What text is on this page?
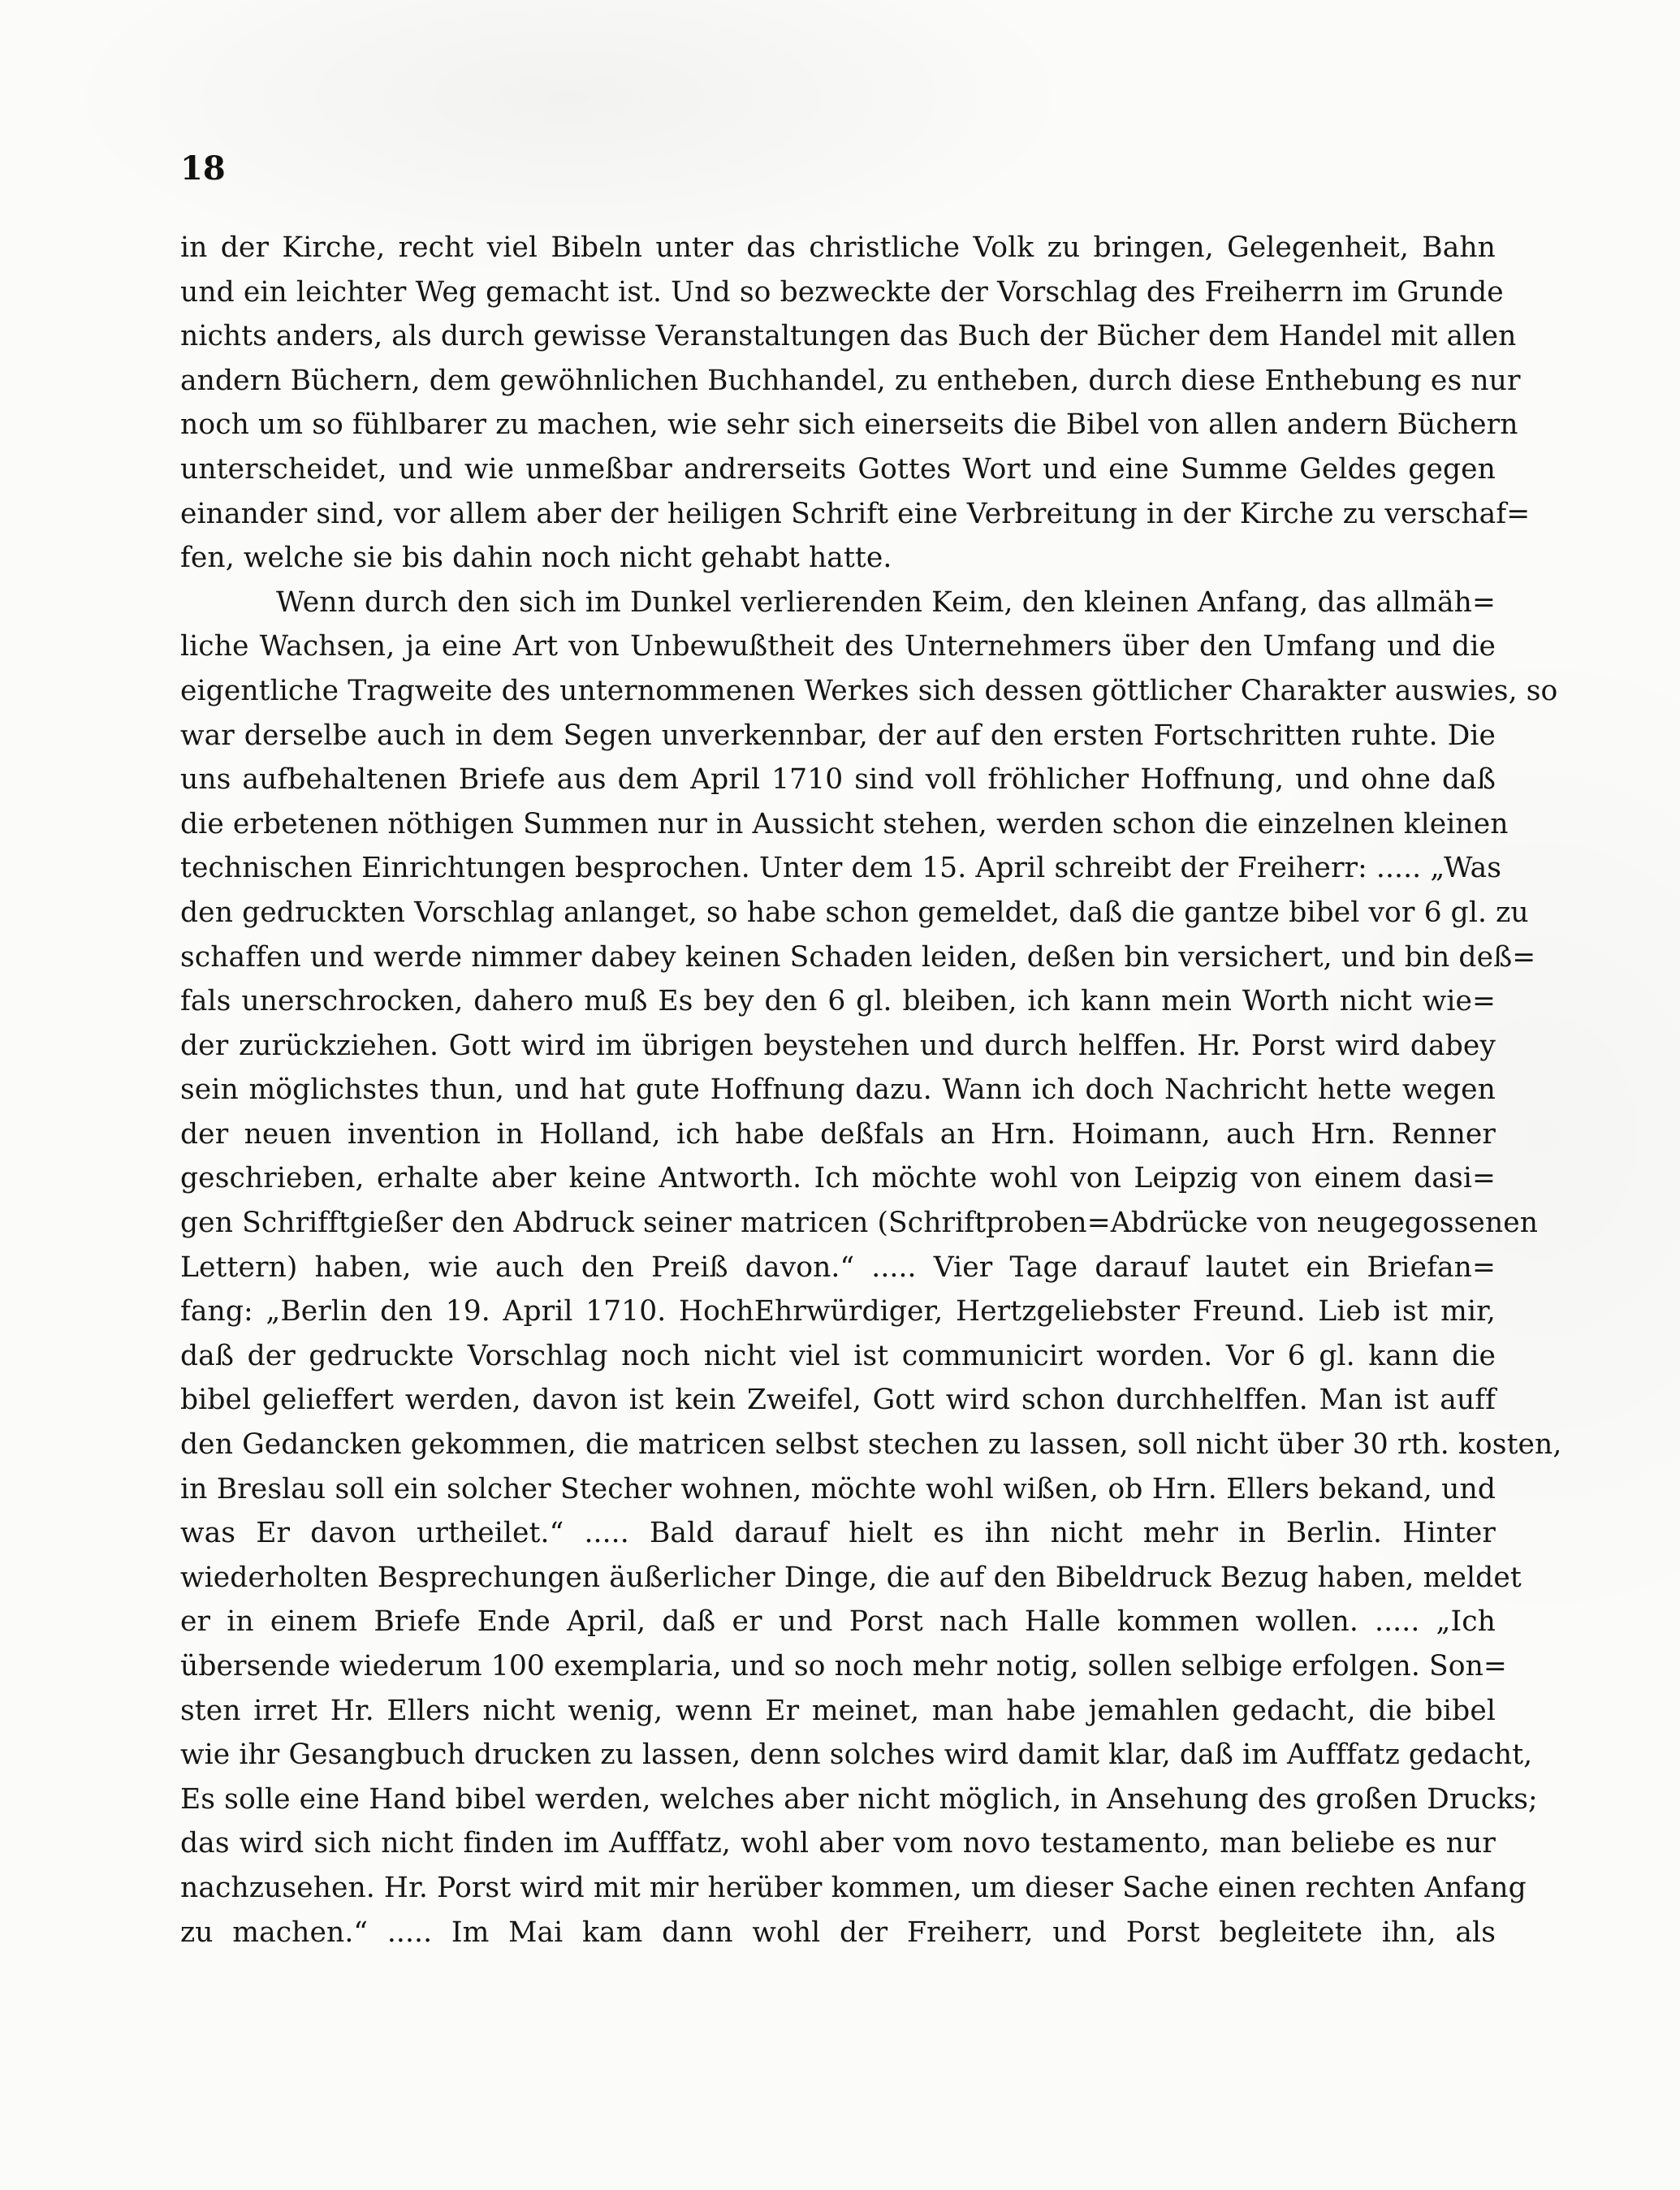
18
in der Kirche, recht viel Bibeln unter das christliche Volk zu bringen, Gelegenheit, Bahn
und ein leichter Weg gemacht ist. Und so bezweckte der Vorschlag des Freiherrn im Grunde
nichts anders, als durch gewisse Veranstaltungen das Buch der Bücher dem Handel mit allen
andern Büchern, dem gewöhnlichen Buchhandel, zu entheben, durch diese Enthebung es nur
noch um so fühlbarer zu machen, wie sehr sich einerseits die Bibel von allen andern Büchern
unterscheidet, und wie unmeßbar andrerseits Gottes Wort und eine Summe Geldes gegen
einander sind, vor allem aber der heiligen Schrift eine Verbreitung in der Kirche zu verschaf=
fen, welche sie bis dahin noch nicht gehabt hatte.
Wenn durch den sich im Dunkel verlierenden Keim, den kleinen Anfang, das allmäh=
liche Wachsen, ja eine Art von Unbewußtheit des Unternehmers über den Umfang und die
eigentliche Tragweite des unternommenen Werkes sich dessen göttlicher Charakter auswies, so
war derselbe auch in dem Segen unverkennbar, der auf den ersten Fortschritten ruhte. Die
uns aufbehaltenen Briefe aus dem April 1710 sind voll fröhlicher Hoffnung, und ohne daß
die erbetenen nöthigen Summen nur in Aussicht stehen, werden schon die einzelnen kleinen
technischen Einrichtungen besprochen. Unter dem 15. April schreibt der Freiherr: ..... „Was
den gedruckten Vorschlag anlanget, so habe schon gemeldet, daß die gantze bibel vor 6 gl. zu
schaffen und werde nimmer dabey keinen Schaden leiden, deßen bin versichert, und bin deß=
fals unerschrocken, dahero muß Es bey den 6 gl. bleiben, ich kann mein Worth nicht wie=
der zurückziehen. Gott wird im übrigen beystehen und durch helffen. Hr. Porst wird dabey
sein möglichstes thun, und hat gute Hoffnung dazu. Wann ich doch Nachricht hette wegen
der neuen invention in Holland, ich habe deßfals an Hrn. Hoimann, auch Hrn. Renner
geschrieben, erhalte aber keine Antworth. Ich möchte wohl von Leipzig von einem dasi=
gen Schrifftgießer den Abdruck seiner matricen (Schriftproben=Abdrücke von neugegossenen
Lettern) haben, wie auch den Preiß davon.“ ..... Vier Tage darauf lautet ein Briefan=
fang: „Berlin den 19. April 1710. HochEhrwürdiger, Hertzgeliebster Freund. Lieb ist mir,
daß der gedruckte Vorschlag noch nicht viel ist communicirt worden. Vor 6 gl. kann die
bibel gelieffert werden, davon ist kein Zweifel, Gott wird schon durchhelffen. Man ist auff
den Gedancken gekommen, die matricen selbst stechen zu lassen, soll nicht über 30 rth. kosten,
in Breslau soll ein solcher Stecher wohnen, möchte wohl wißen, ob Hrn. Ellers bekand, und
was Er davon urtheilet.“ ..... Bald darauf hielt es ihn nicht mehr in Berlin. Hinter
wiederholten Besprechungen äußerlicher Dinge, die auf den Bibeldruck Bezug haben, meldet
er in einem Briefe Ende April, daß er und Porst nach Halle kommen wollen. ..... „Ich
übersende wiederum 100 exemplaria, und so noch mehr notig, sollen selbige erfolgen. Son=
sten irret Hr. Ellers nicht wenig, wenn Er meinet, man habe jemahlen gedacht, die bibel
wie ihr Gesangbuch drucken zu lassen, denn solches wird damit klar, daß im Aufffatz gedacht,
Es solle eine Hand bibel werden, welches aber nicht möglich, in Ansehung des großen Drucks;
das wird sich nicht finden im Aufffatz, wohl aber vom novo testamento, man beliebe es nur
nachzusehen. Hr. Porst wird mit mir herüber kommen, um dieser Sache einen rechten Anfang
zu machen.“ ..... Im Mai kam dann wohl der Freiherr, und Porst begleitete ihn, als
